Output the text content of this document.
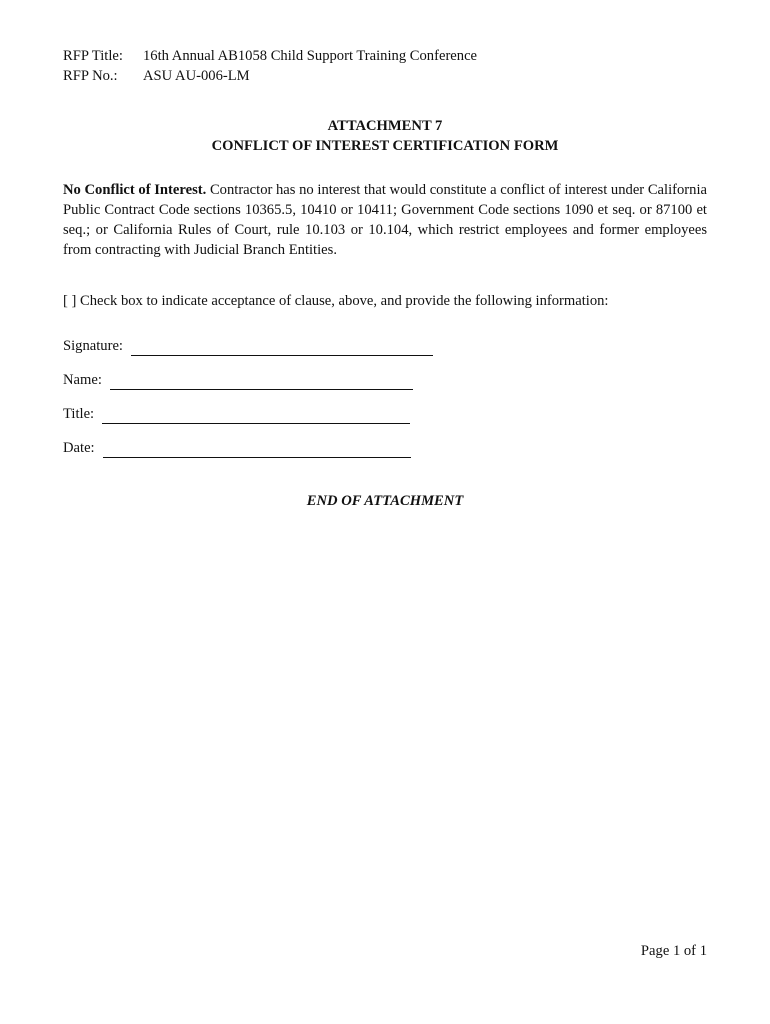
RFP Title: 16th Annual AB1058 Child Support Training Conference
RFP No.: ASU AU-006-LM
ATTACHMENT 7
CONFLICT OF INTEREST CERTIFICATION FORM
No Conflict of Interest. Contractor has no interest that would constitute a conflict of interest under California Public Contract Code sections 10365.5, 10410 or 10411; Government Code sections 1090 et seq. or 87100 et seq.; or California Rules of Court, rule 10.103 or 10.104, which restrict employees and former employees from contracting with Judicial Branch Entities.
[ ] Check box to indicate acceptance of clause, above, and provide the following information:
Signature:
Name:
Title:
Date:
END OF ATTACHMENT
Page 1 of 1
